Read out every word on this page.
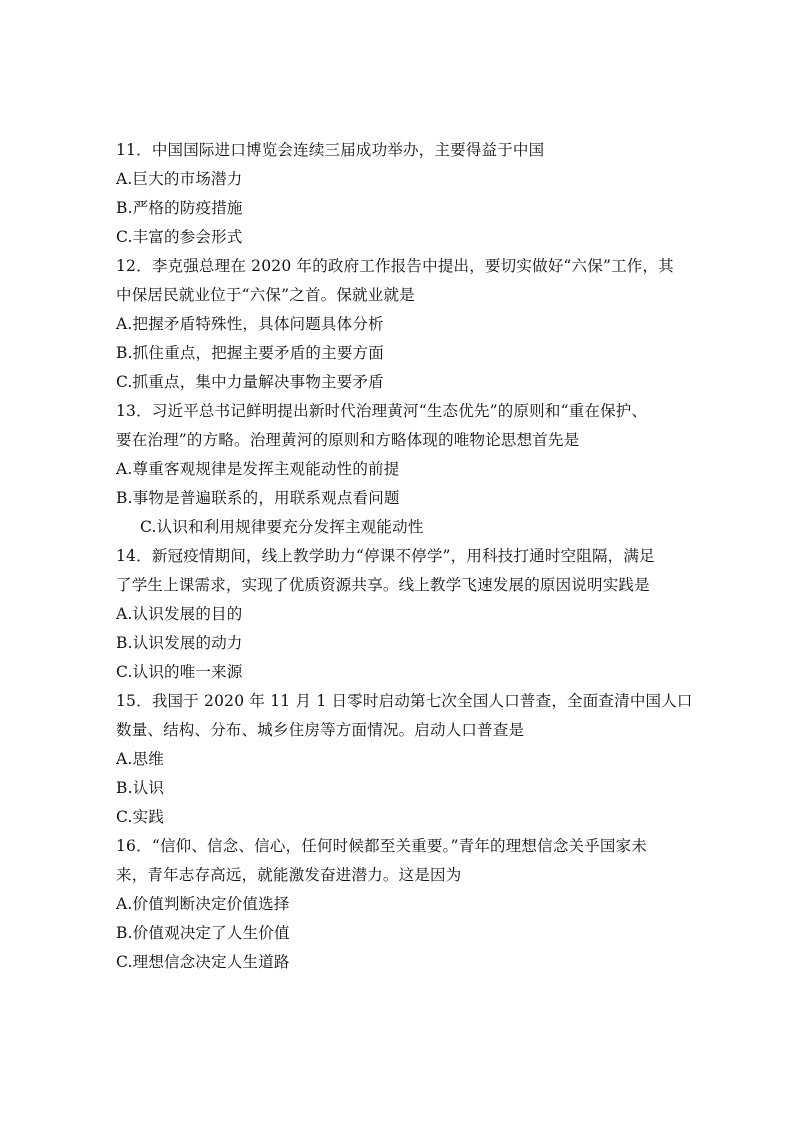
11．中国国际进口博览会连续三届成功举办，主要得益于中国
A.巨大的市场潜力
B.严格的防疫措施
C.丰富的参会形式
12．李克强总理在 2020 年的政府工作报告中提出，要切实做好“六保”工作，其
中保居民就业位于“六保”之首。保就业就是
A.把握矛盾特殊性，具体问题具体分析
B.抓住重点，把握主要矛盾的主要方面
C.抓重点，集中力量解决事物主要矛盾
13．习近平总书记鲜明提出新时代治理黄河“生态优先”的原则和“重在保护、
要在治理”的方略。治理黄河的原则和方略体现的唯物论思想首先是
A.尊重客观规律是发挥主观能动性的前提
B.事物是普遍联系的，用联系观点看问题
C.认识和利用规律要充分发挥主观能动性
14．新冠疫情期间，线上教学助力“停课不停学”，用科技打通时空阻隔，满足
了学生上课需求，实现了优质资源共享。线上教学飞速发展的原因说明实践是
A.认识发展的目的
B.认识发展的动力
C.认识的唯一来源
15．我国于 2020 年 11 月 1 日零时启动第七次全国人口普查，全面查清中国人口
数量、结构、分布、城乡住房等方面情况。启动人口普查是
A.思维
B.认识
C.实践
16．“信仰、信念、信心，任何时候都至关重要。”青年的理想信念关乎国家未
来，青年志存高远，就能激发奋进潜力。这是因为
A.价值判断决定价值选择
B.价值观决定了人生价值
C.理想信念决定人生道路
